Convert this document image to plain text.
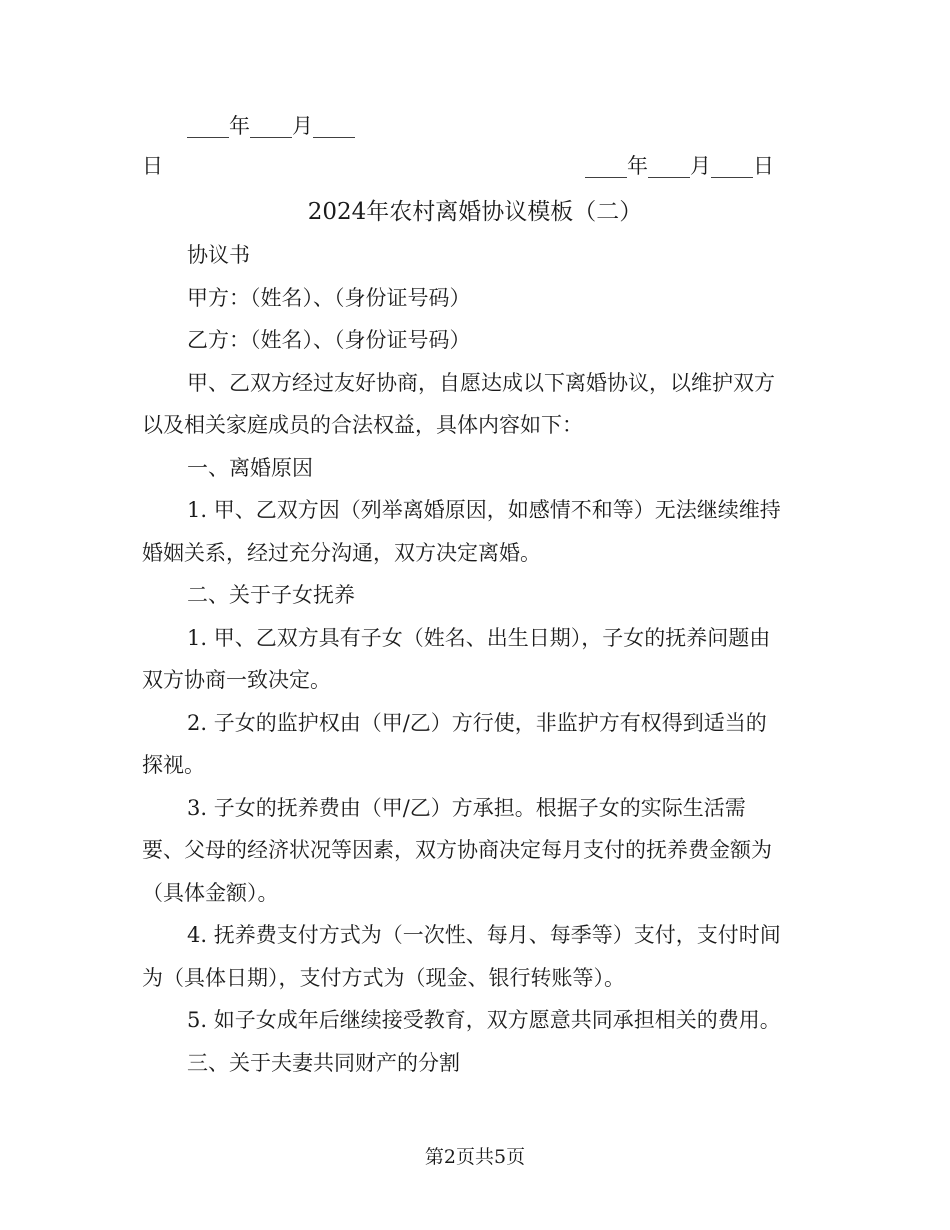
____年____月____
日	____年____月____日
2024年农村离婚协议模板（二）
协议书
甲方：（姓名）、（身份证号码）
乙方：（姓名）、（身份证号码）
甲、乙双方经过友好协商，自愿达成以下离婚协议，以维护双方
以及相关家庭成员的合法权益，具体内容如下：
一、离婚原因
1. 甲、乙双方因（列举离婚原因，如感情不和等）无法继续维持
婚姻关系，经过充分沟通，双方决定离婚。
二、关于子女抚养
1. 甲、乙双方具有子女（姓名、出生日期），子女的抚养问题由
双方协商一致决定。
2. 子女的监护权由（甲/乙）方行使，非监护方有权得到适当的
探视。
3. 子女的抚养费由（甲/乙）方承担。根据子女的实际生活需
要、父母的经济状况等因素，双方协商决定每月支付的抚养费金额为
（具体金额）。
4. 抚养费支付方式为（一次性、每月、每季等）支付，支付时间
为（具体日期），支付方式为（现金、银行转账等）。
5. 如子女成年后继续接受教育，双方愿意共同承担相关的费用。
三、关于夫妻共同财产的分割
第2页共5页
